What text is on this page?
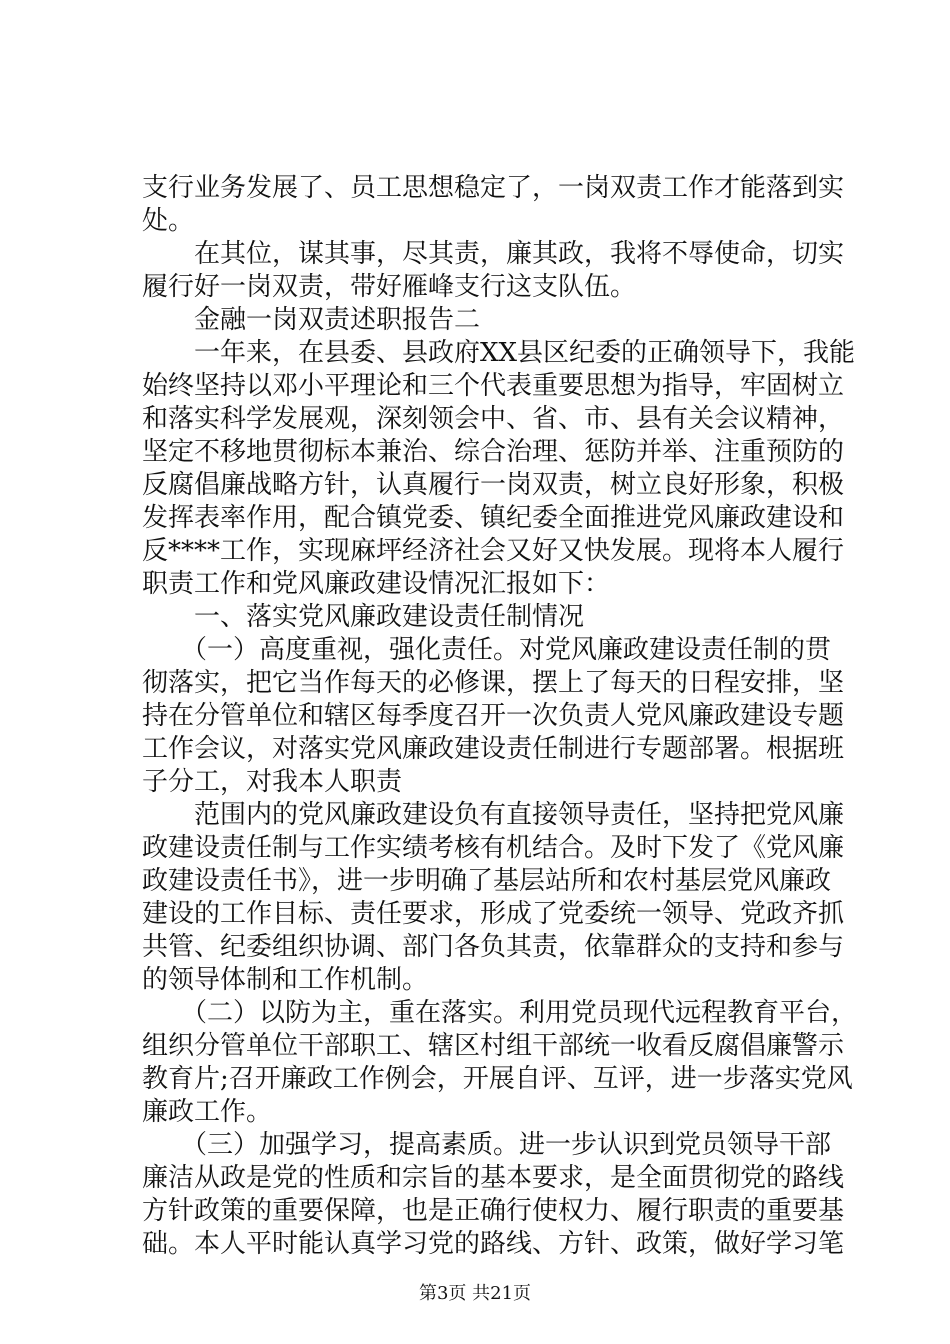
支行业务发展了、员工思想稳定了，一岗双责工作才能落到实
处。
　　在其位，谋其事，尽其责，廉其政，我将不辱使命，切实
履行好一岗双责，带好雁峰支行这支队伍。
　　金融一岗双责述职报告二
　　一年来，在县委、县政府XX县区纪委的正确领导下，我能
始终坚持以邓小平理论和三个代表重要思想为指导，牢固树立
和落实科学发展观，深刻领会中、省、市、县有关会议精神，
坚定不移地贯彻标本兼治、综合治理、惩防并举、注重预防的
反腐倡廉战略方针，认真履行一岗双责，树立良好形象，积极
发挥表率作用，配合镇党委、镇纪委全面推进党风廉政建设和
反****工作，实现麻坪经济社会又好又快发展。现将本人履行
职责工作和党风廉政建设情况汇报如下：
　　一、落实党风廉政建设责任制情况
　　（一）高度重视，强化责任。对党风廉政建设责任制的贯
彻落实，把它当作每天的必修课，摆上了每天的日程安排，坚
持在分管单位和辖区每季度召开一次负责人党风廉政建设专题
工作会议，对落实党风廉政建设责任制进行专题部署。根据班
子分工，对我本人职责
　　范围内的党风廉政建设负有直接领导责任，坚持把党风廉
政建设责任制与工作实绩考核有机结合。及时下发了《党风廉
政建设责任书》，进一步明确了基层站所和农村基层党风廉政
建设的工作目标、责任要求，形成了党委统一领导、党政齐抓
共管、纪委组织协调、部门各负其责，依靠群众的支持和参与
的领导体制和工作机制。
　　（二）以防为主，重在落实。利用党员现代远程教育平台，
组织分管单位干部职工、辖区村组干部统一收看反腐倡廉警示
教育片;召开廉政工作例会，开展自评、互评，进一步落实党风
廉政工作。
　　（三）加强学习，提高素质。进一步认识到党员领导干部
廉洁从政是党的性质和宗旨的基本要求，是全面贯彻党的路线
方针政策的重要保障，也是正确行使权力、履行职责的重要基
础。本人平时能认真学习党的路线、方针、政策，做好学习笔
第3页 共21页
